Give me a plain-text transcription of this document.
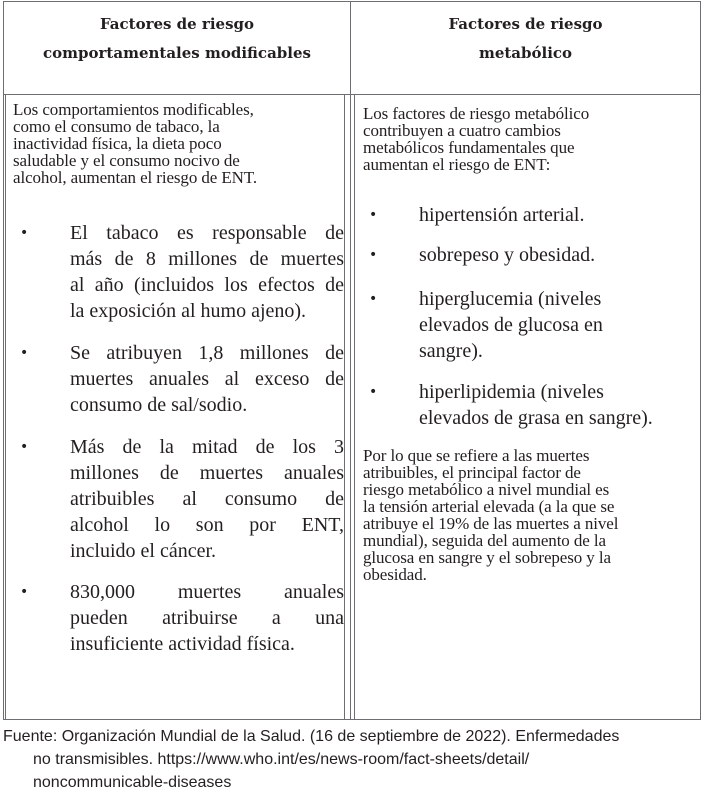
Factores de riesgo
comportamentales modificables
Factores de riesgo
metabólico
Los comportamientos modificables,
como el consumo de tabaco, la
inactividad física, la dieta poco
saludable y el consumo nocivo de
alcohol, aumentan el riesgo de ENT.
• El tabaco es responsable de
más de 8 millones de muertes
al año (incluidos los efectos de
la exposición al humo ajeno).
• Se atribuyen 1,8 millones de
muertes anuales al exceso de
consumo de sal/sodio.
• Más de la mitad de los 3
millones de muertes anuales
atribuibles al consumo de
alcohol lo son por ENT,
incluido el cáncer.
• 830,000 muertes anuales
pueden atribuirse a una
insuficiente actividad física.
Los factores de riesgo metabólico
contribuyen a cuatro cambios
metabólicos fundamentales que
aumentan el riesgo de ENT:
• hipertensión arterial.
• sobrepeso y obesidad.
• hiperglucemia (niveles
elevados de glucosa en
sangre).
• hiperlipidemia (niveles
elevados de grasa en sangre).
Por lo que se refiere a las muertes
atribuibles, el principal factor de
riesgo metabólico a nivel mundial es
la tensión arterial elevada (a la que se
atribuye el 19% de las muertes a nivel
mundial), seguida del aumento de la
glucosa en sangre y el sobrepeso y la
obesidad.
Fuente: Organización Mundial de la Salud. (16 de septiembre de 2022). Enfermedades
no transmisibles. https://www.who.int/es/news-room/fact-sheets/detail/
noncommunicable-diseases
